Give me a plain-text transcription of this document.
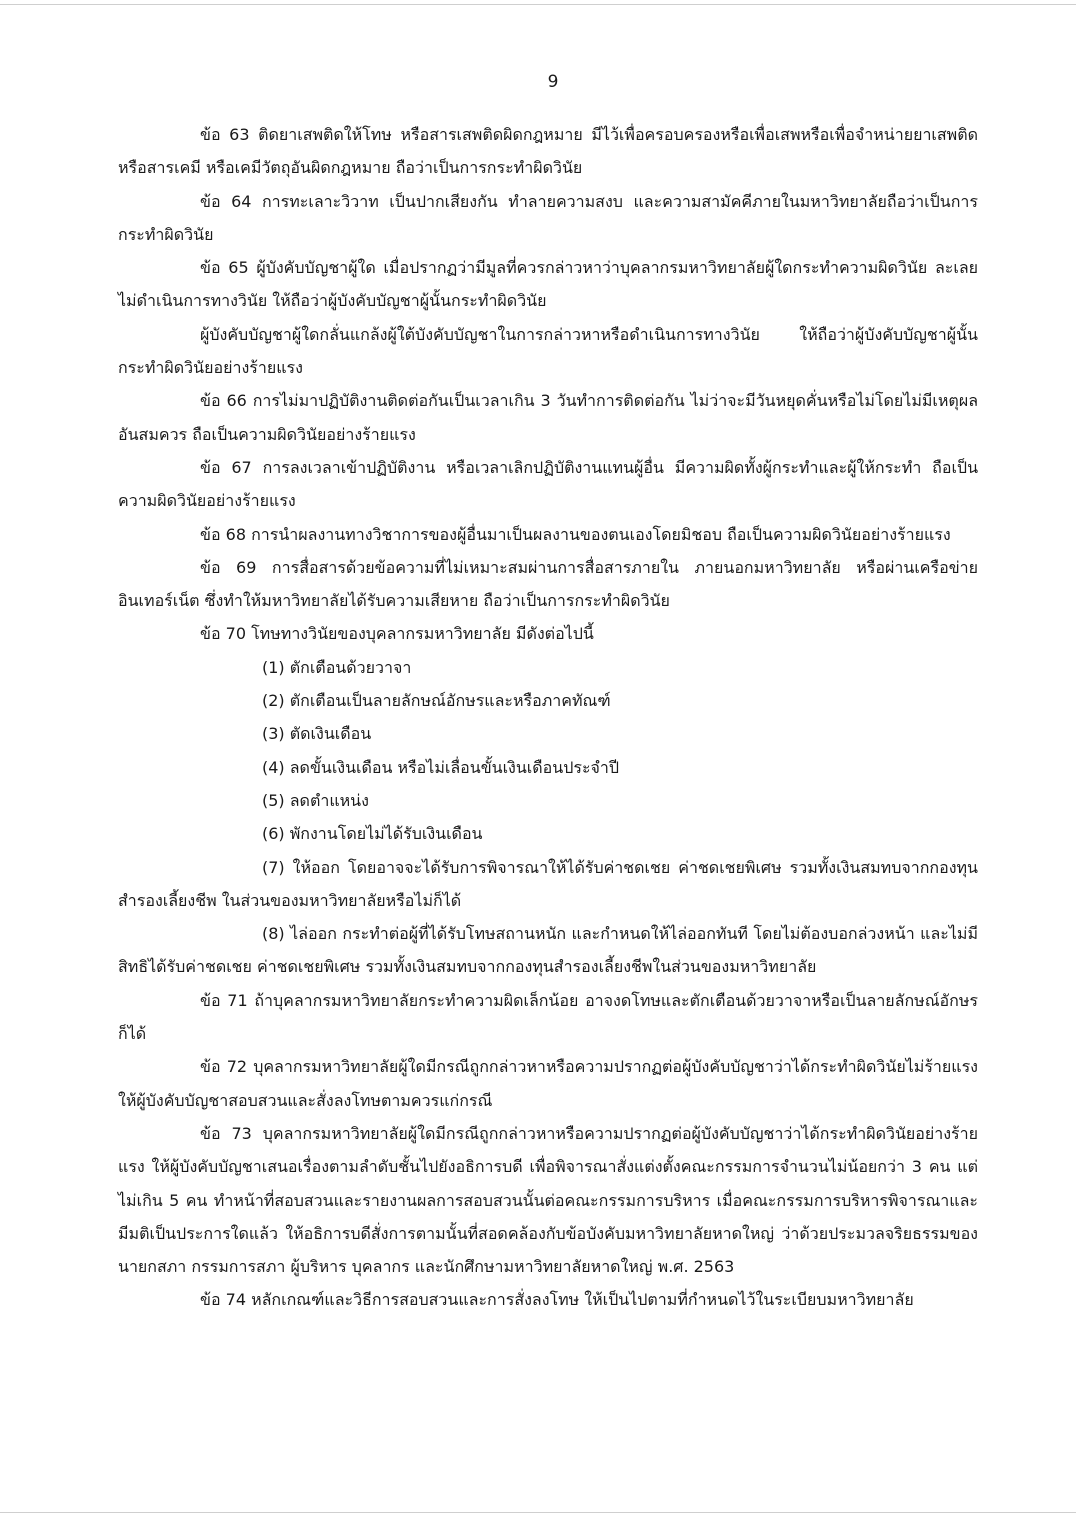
9

ข้อ 63 ติดยาเสพติดให้โทษ หรือสารเสพติดผิดกฎหมาย มีไว้เพื่อครอบครองหรือเพื่อเสพหรือเพื่อจำหน่ายยาเสพติด หรือสารเคมี หรือเคมีวัตถุอันผิดกฎหมาย ถือว่าเป็นการกระทำผิดวินัย

ข้อ 64 การทะเลาะวิวาท เป็นปากเสียงกัน ทำลายความสงบ และความสามัคคีภายในมหาวิทยาลัยถือว่าเป็นการกระทำผิดวินัย

ข้อ 65 ผู้บังคับบัญชาผู้ใด เมื่อปรากฏว่ามีมูลที่ควรกล่าวหาว่าบุคลากรมหาวิทยาลัยผู้ใดกระทำความผิดวินัย ละเลยไม่ดำเนินการทางวินัย ให้ถือว่าผู้บังคับบัญชาผู้นั้นกระทำผิดวินัย

ผู้บังคับบัญชาผู้ใดกลั่นแกล้งผู้ใต้บังคับบัญชาในการกล่าวหาหรือดำเนินการทางวินัย ให้ถือว่าผู้บังคับบัญชาผู้นั้นกระทำผิดวินัยอย่างร้ายแรง

ข้อ 66 การไม่มาปฏิบัติงานติดต่อกันเป็นเวลาเกิน 3 วันทำการติดต่อกัน ไม่ว่าจะมีวันหยุดคั่นหรือไม่โดยไม่มีเหตุผลอันสมควร ถือเป็นความผิดวินัยอย่างร้ายแรง

ข้อ 67 การลงเวลาเข้าปฏิบัติงาน หรือเวลาเลิกปฏิบัติงานแทนผู้อื่น มีความผิดทั้งผู้กระทำและผู้ให้กระทำ ถือเป็นความผิดวินัยอย่างร้ายแรง

ข้อ 68 การนำผลงานทางวิชาการของผู้อื่นมาเป็นผลงานของตนเองโดยมิชอบ ถือเป็นความผิดวินัยอย่างร้ายแรง

ข้อ 69 การสื่อสารด้วยข้อความที่ไม่เหมาะสมผ่านการสื่อสารภายใน ภายนอกมหาวิทยาลัย หรือผ่านเครือข่ายอินเทอร์เน็ต ซึ่งทำให้มหาวิทยาลัยได้รับความเสียหาย ถือว่าเป็นการกระทำผิดวินัย

ข้อ 70 โทษทางวินัยของบุคลากรมหาวิทยาลัย มีดังต่อไปนี้

(1) ตักเตือนด้วยวาจา

(2) ตักเตือนเป็นลายลักษณ์อักษรและหรือภาคทัณฑ์

(3) ตัดเงินเดือน

(4) ลดขั้นเงินเดือน หรือไม่เลื่อนขั้นเงินเดือนประจำปี

(5) ลดตำแหน่ง

(6) พักงานโดยไม่ได้รับเงินเดือน

(7) ให้ออก โดยอาจจะได้รับการพิจารณาให้ได้รับค่าชดเชย ค่าชดเชยพิเศษ รวมทั้งเงินสมทบจากกองทุนสำรองเลี้ยงชีพ ในส่วนของมหาวิทยาลัยหรือไม่ก็ได้

(8) ไล่ออก กระทำต่อผู้ที่ได้รับโทษสถานหนัก และกำหนดให้ไล่ออกทันที โดยไม่ต้องบอกล่วงหน้า และไม่มีสิทธิได้รับค่าชดเชย ค่าชดเชยพิเศษ รวมทั้งเงินสมทบจากกองทุนสำรองเลี้ยงชีพในส่วนของมหาวิทยาลัย

ข้อ 71 ถ้าบุคลากรมหาวิทยาลัยกระทำความผิดเล็กน้อย อาจงดโทษและตักเตือนด้วยวาจาหรือเป็นลายลักษณ์อักษรก็ได้

ข้อ 72 บุคลากรมหาวิทยาลัยผู้ใดมีกรณีถูกกล่าวหาหรือความปรากฏต่อผู้บังคับบัญชาว่าได้กระทำผิดวินัยไม่ร้ายแรง ให้ผู้บังคับบัญชาสอบสวนและสั่งลงโทษตามควรแก่กรณี

ข้อ 73 บุคลากรมหาวิทยาลัยผู้ใดมีกรณีถูกกล่าวหาหรือความปรากฏต่อผู้บังคับบัญชาว่าได้กระทำผิดวินัยอย่างร้ายแรง ให้ผู้บังคับบัญชาเสนอเรื่องตามลำดับชั้นไปยังอธิการบดี เพื่อพิจารณาสั่งแต่งตั้งคณะกรรมการจำนวนไม่น้อยกว่า 3 คน แต่ไม่เกิน 5 คน ทำหน้าที่สอบสวนและรายงานผลการสอบสวนนั้นต่อคณะกรรมการบริหาร เมื่อคณะกรรมการบริหารพิจารณาและมีมติเป็นประการใดแล้ว ให้อธิการบดีสั่งการตามนั้นที่สอดคล้องกับข้อบังคับมหาวิทยาลัยหาดใหญ่ ว่าด้วยประมวลจริยธรรมของนายกสภา กรรมการสภา ผู้บริหาร บุคลากร และนักศึกษามหาวิทยาลัยหาดใหญ่ พ.ศ. 2563

ข้อ 74 หลักเกณฑ์และวิธีการสอบสวนและการสั่งลงโทษ ให้เป็นไปตามที่กำหนดไว้ในระเบียบมหาวิทยาลัย
